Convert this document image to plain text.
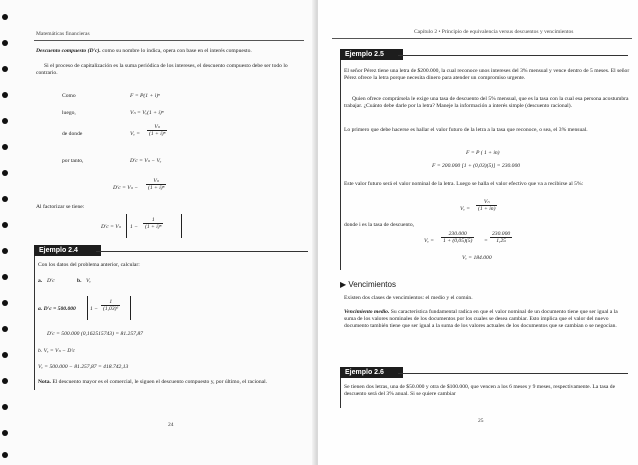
Matemáticas financieras
Descuento compuesto (D'c). como su nombre lo indica, opera con base en el interés compuesto.
Si el proceso de capitalización es la suma periódica de los intereses, el descuento compuesto debe ser todo lo contrario.
Como	F = P(1 + i)ⁿ
luego,	Vₙ = Vₑ(1 + i)ⁿ
de donde	$V_e = \frac{\text{Vₙ}}{\text{(1 + i)ⁿ}}$
por tanto,	D'c = Vₙ − Vₑ
$D'c = V_n - \frac{\text{Vₙ}}{\text{(1 + i)ⁿ}}$
Al factorizar se tiene:
D'c = Vₙ $1 - \frac{1}{\text{(1 + i)ⁿ}}$
Ejemplo 2.4
Con los datos del problema anterior, calcular:
a. D'c	b. Vₑ
a. D'c = 500.000	$1 - \frac{1}{\text{(1,03)⁶}}$
D'c = 500.000 (0,162515743) = 81.257,87
b. Vₑ = Vₙ − D'c
Vₑ = 500.000 − 81.257,87 = 418.742,13
Nota. El descuento mayor es el comercial, le siguen el descuento compuesto y, por último, el racional.
24
Capítulo 2 • Principio de equivalencia versus descuentos y vencimientos
Ejemplo 2.5
El señor Pérez tiene una letra de $200.000, la cual reconoce unos intereses del 3% mensual y vence dentro de 5 meses. El señor Pérez ofrece la letra porque necesita dinero para atender un compromiso urgente.
Quien ofrece comprársela le exige una tasa de descuento del 5% mensual, que es la tasa con la cual esa persona acostumbra trabajar. ¿Cuánto debe darle por la letra? Maneje la información a interés simple (descuento racional).
Lo primero que debe hacerse es hallar el valor futuro de la letra a la tasa que reconoce, o sea, el 3% mensual.
F = P ( 1 + in)
F = 200.000 [1 + (0,03)(5)] = 230.000
Este valor futuro será el valor nominal de la letra. Luego se halla el valor efectivo que va a recibirse al 5%:
$V_e = \frac{\text{Vₙ}}{(1 + in)}$
donde i es la tasa de descuento,
$V_e = \frac{230.000}{1 + (0,05)(5)} = \frac{230.000}{1,25}$
Vₑ = 184.000
▶ Vencimientos
Existen dos clases de vencimientos: el medio y el común.
Vencimiento medio. Su característica fundamental radica en que el valor nominal de un documento tiene que ser igual a la suma de los valores nominales de los documentos por los cuales se desea cambiar. Esto implica que el valor del nuevo documento también tiene que ser igual a la suma de los valores actuales de los documentos que se cambian o se negocian.
Ejemplo 2.6
Se tienen dos letras, una de $50.000 y otra de $100.000, que vencen a los 6 meses y 9 meses, respectivamente. La tasa de descuento será del 3% anual. Si se quiere cambiar
25
